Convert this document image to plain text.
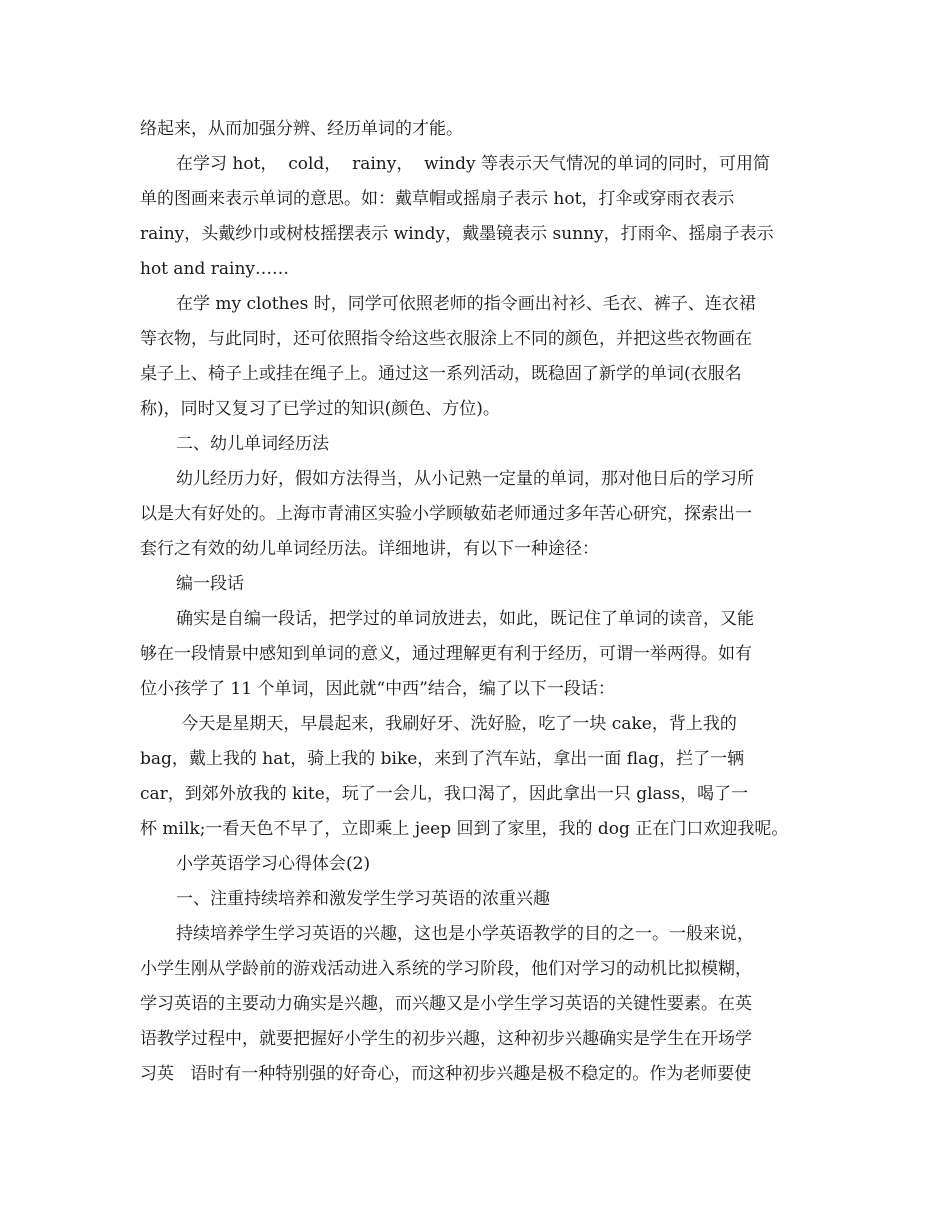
络起来，从而加强分辨、经历单词的才能。
在学习 hot，  cold，  rainy，  windy 等表示天气情况的单词的同时，可用简
单的图画来表示单词的意思。如：戴草帽或摇扇子表示 hot，打伞或穿雨衣表示
rainy，头戴纱巾或树枝摇摆表示 windy，戴墨镜表示 sunny，打雨伞、摇扇子表示
hot and rainy……
在学 my clothes 时，同学可依照老师的指令画出衬衫、毛衣、裤子、连衣裙
等衣物，与此同时，还可依照指令给这些衣服涂上不同的颜色，并把这些衣物画在
桌子上、椅子上或挂在绳子上。通过这一系列活动，既稳固了新学的单词(衣服名
称)，同时又复习了已学过的知识(颜色、方位)。
二、幼儿单词经历法
幼儿经历力好，假如方法得当，从小记熟一定量的单词，那对他日后的学习所
以是大有好处的。上海市青浦区实验小学顾敏茹老师通过多年苦心研究，探索出一
套行之有效的幼儿单词经历法。详细地讲，有以下一种途径：
编一段话
确实是自编一段话，把学过的单词放进去，如此，既记住了单词的读音，又能
够在一段情景中感知到单词的意义，通过理解更有利于经历，可谓一举两得。如有
位小孩学了 11 个单词，因此就“中西”结合，编了以下一段话：
今天是星期天，早晨起来，我刷好牙、洗好脸，吃了一块 cake，背上我的
bag，戴上我的 hat，骑上我的 bike，来到了汽车站，拿出一面 flag，拦了一辆
car，到郊外放我的 kite，玩了一会儿，我口渴了，因此拿出一只 glass，喝了一
杯 milk;一看天色不早了，立即乘上 jeep 回到了家里，我的 dog 正在门口欢迎我呢。
小学英语学习心得体会(2)
一、注重持续培养和激发学生学习英语的浓重兴趣
持续培养学生学习英语的兴趣，这也是小学英语教学的目的之一。一般来说，
小学生刚从学龄前的游戏活动进入系统的学习阶段，他们对学习的动机比拟模糊，
学习英语的主要动力确实是兴趣，而兴趣又是小学生学习英语的关键性要素。在英
语教学过程中，就要把握好小学生的初步兴趣，这种初步兴趣确实是学生在开场学
习英   语时有一种特别强的好奇心，而这种初步兴趣是极不稳定的。作为老师要使
